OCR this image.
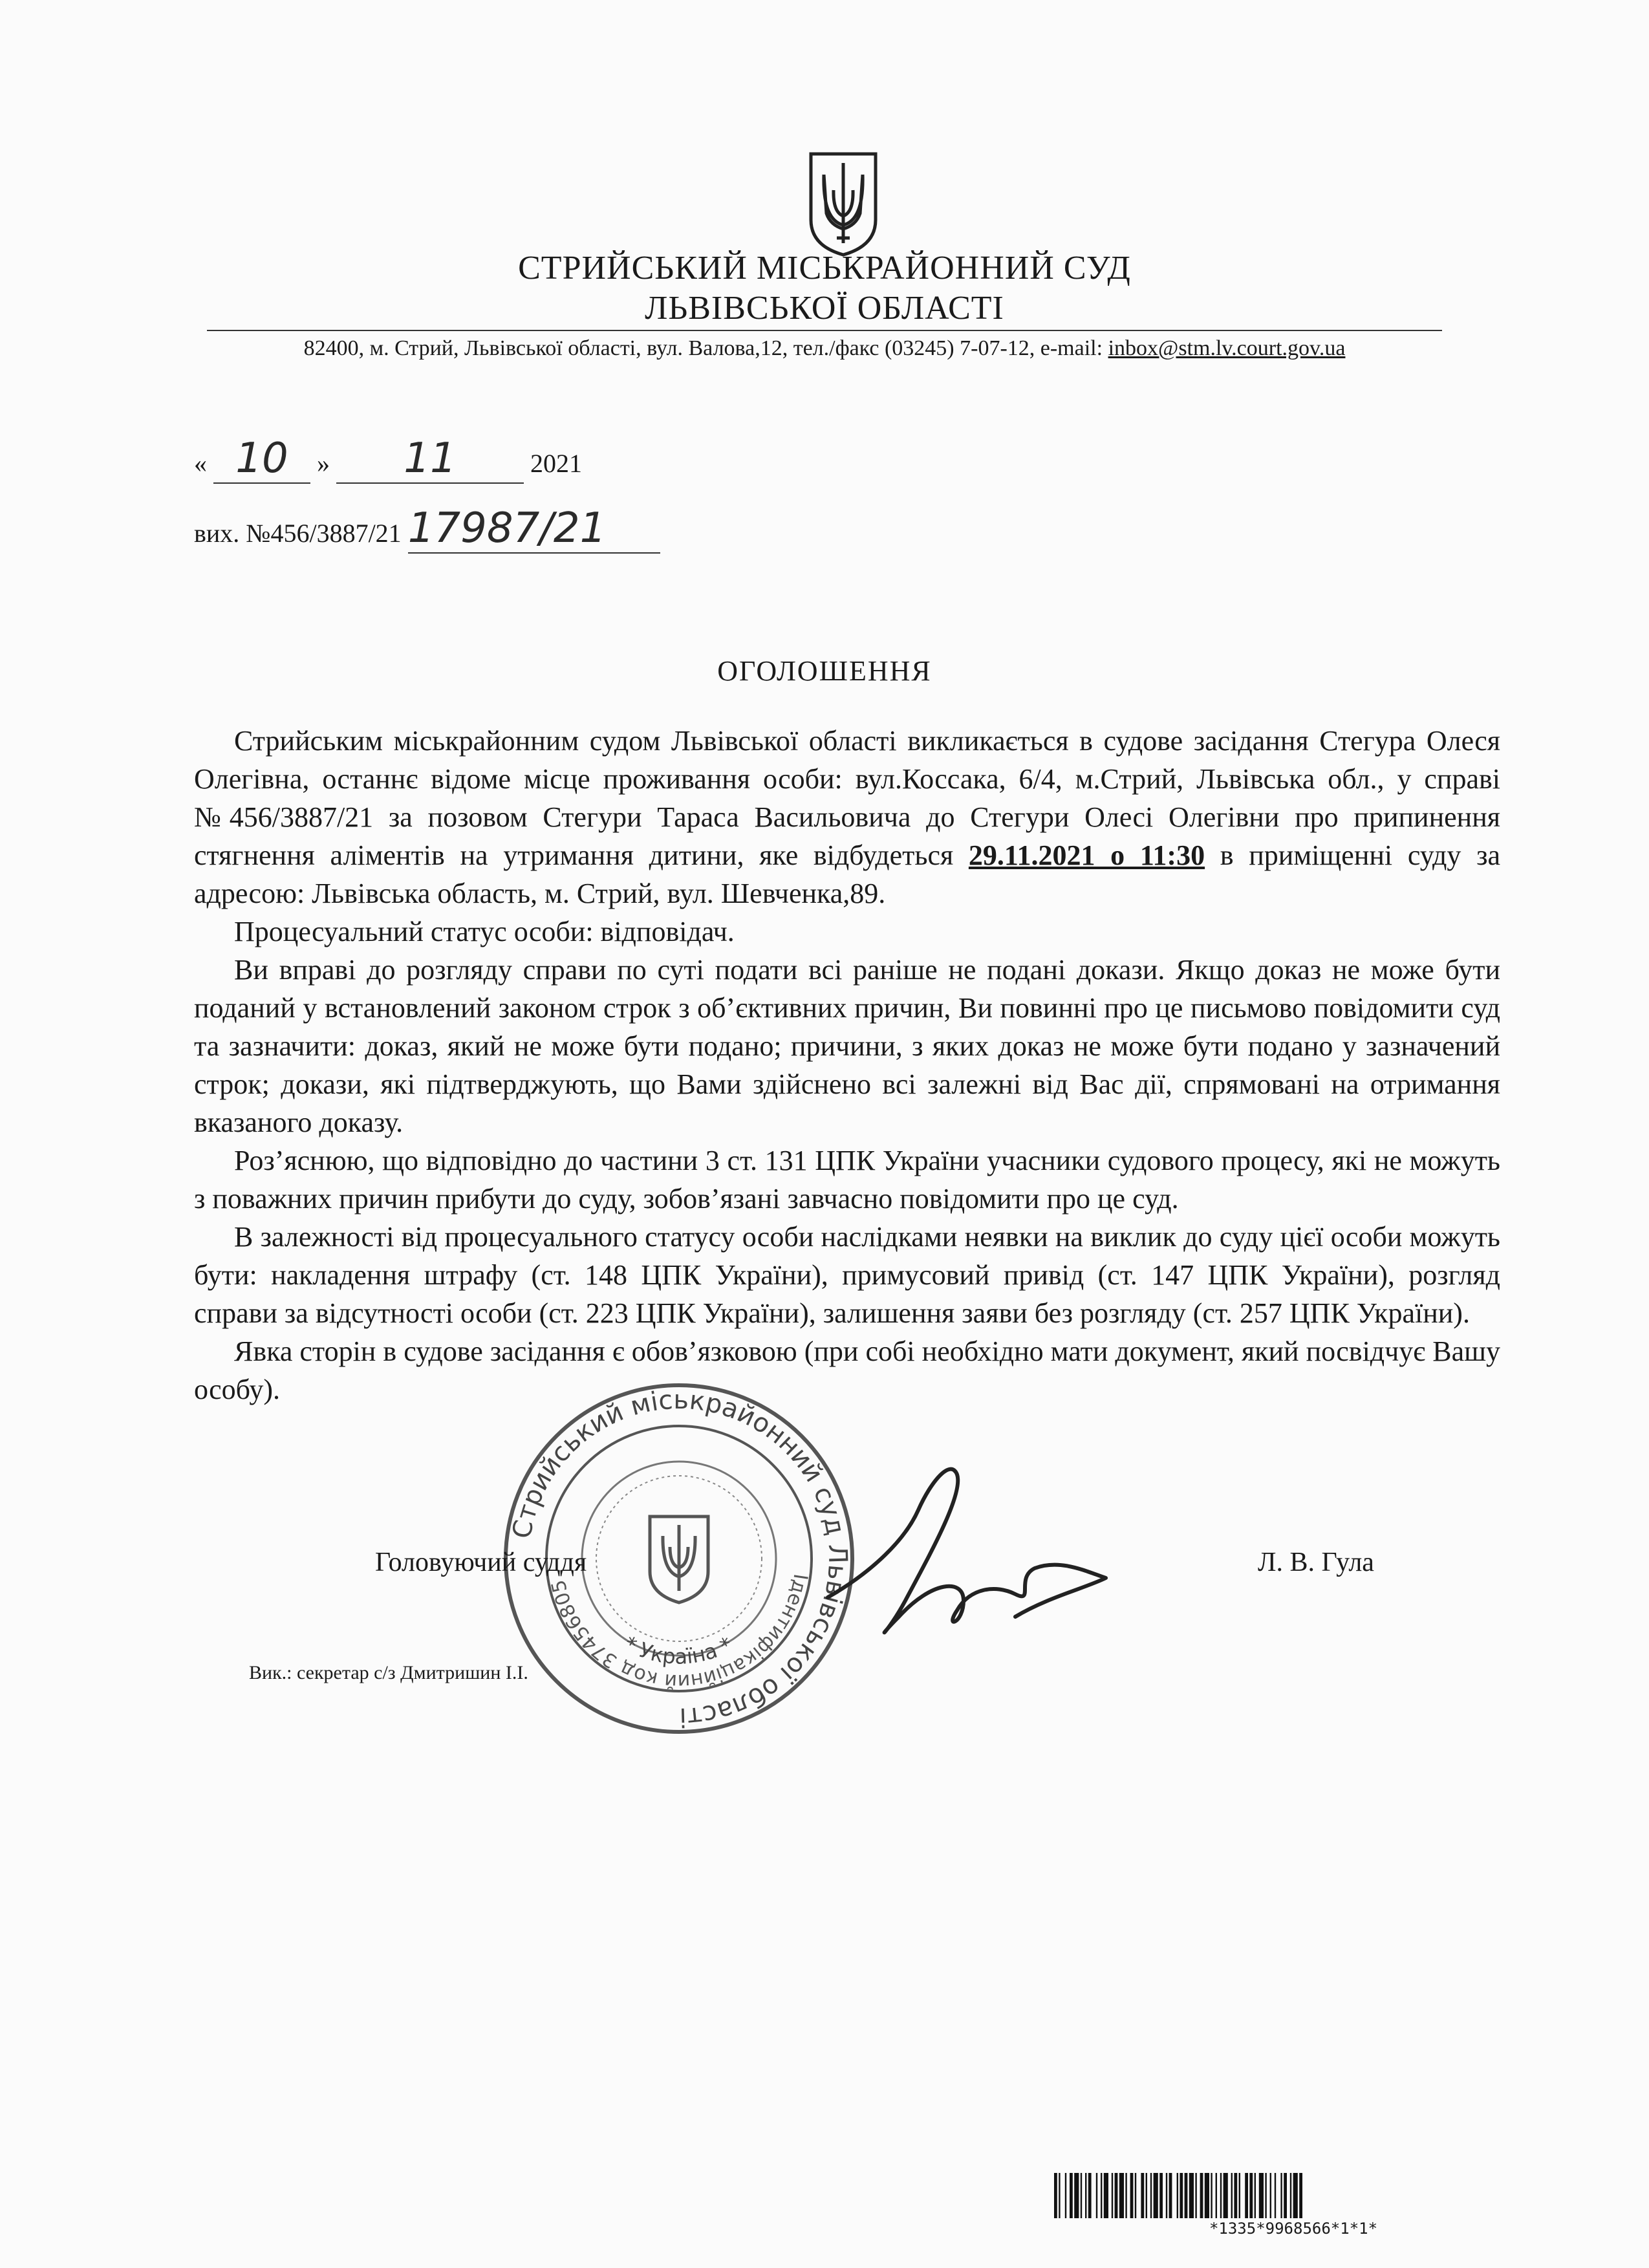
СТРИЙСЬКИЙ МІСЬКРАЙОННИЙ СУД
ЛЬВІВСЬКОЇ ОБЛАСТІ
82400, м. Стрий, Львівської області, вул. Валова,12, тел./факс (03245) 7-07-12, e-mail: inbox@stm.lv.court.gov.ua
« 10 » 11	2021
вих. №456/3887/21 17987/21
ОГОЛОШЕННЯ

Стрийським міськрайонним судом Львівської області викликається в судове засідання Стегура Олеся Олегівна, останнє відоме місце проживання особи: вул.Коссака, 6/4, м.Стрий, Львівська обл., у справі №456/3887/21 за позовом Стегури Тараса Васильовича до Стегури Олесі Олегівни про припинення стягнення аліментів на утримання дитини, яке відбудеться 29.11.2021 о 11:30 в приміщенні суду за адресою: Львівська область, м. Стрий, вул. Шевченка,89.

Процесуальний статус особи: відповідач.

Ви вправі до розгляду справи по суті подати всі раніше не подані докази. Якщо доказ не може бути поданий у встановлений законом строк з об’єктивних причин, Ви повинні про це письмово повідомити суд та зазначити: доказ, який не може бути подано; причини, з яких доказ не може бути подано у зазначений строк; докази, які підтверджують, що Вами здійснено всі залежні від Вас дії, спрямовані на отримання вказаного доказу.

Роз’яснюю, що відповідно до частини 3 ст. 131 ЦПК України учасники судового процесу, які не можуть з поважних причин прибути до суду, зобов’язані завчасно повідомити про це суд.

В залежності від процесуального статусу особи наслідками неявки на виклик до суду цієї особи можуть бути: накладення штрафу (ст. 148 ЦПК України), примусовий привід (ст. 147 ЦПК України), розгляд справи за відсутності особи (ст. 223 ЦПК України), залишення заяви без розгляду (ст. 257 ЦПК України).

Явка сторін в судове засідання є обов’язковою (при собі необхідно мати документ, який посвідчує Вашу особу).

Стрийський міськрайонний суд Львівської області
Ідентифікаційний код 37456805
* Україна *
Головуючий суддя	Л. В. Гула
Вик.: секретар с/з Дмитришин І.І.
*1335*9968566*1*1*
